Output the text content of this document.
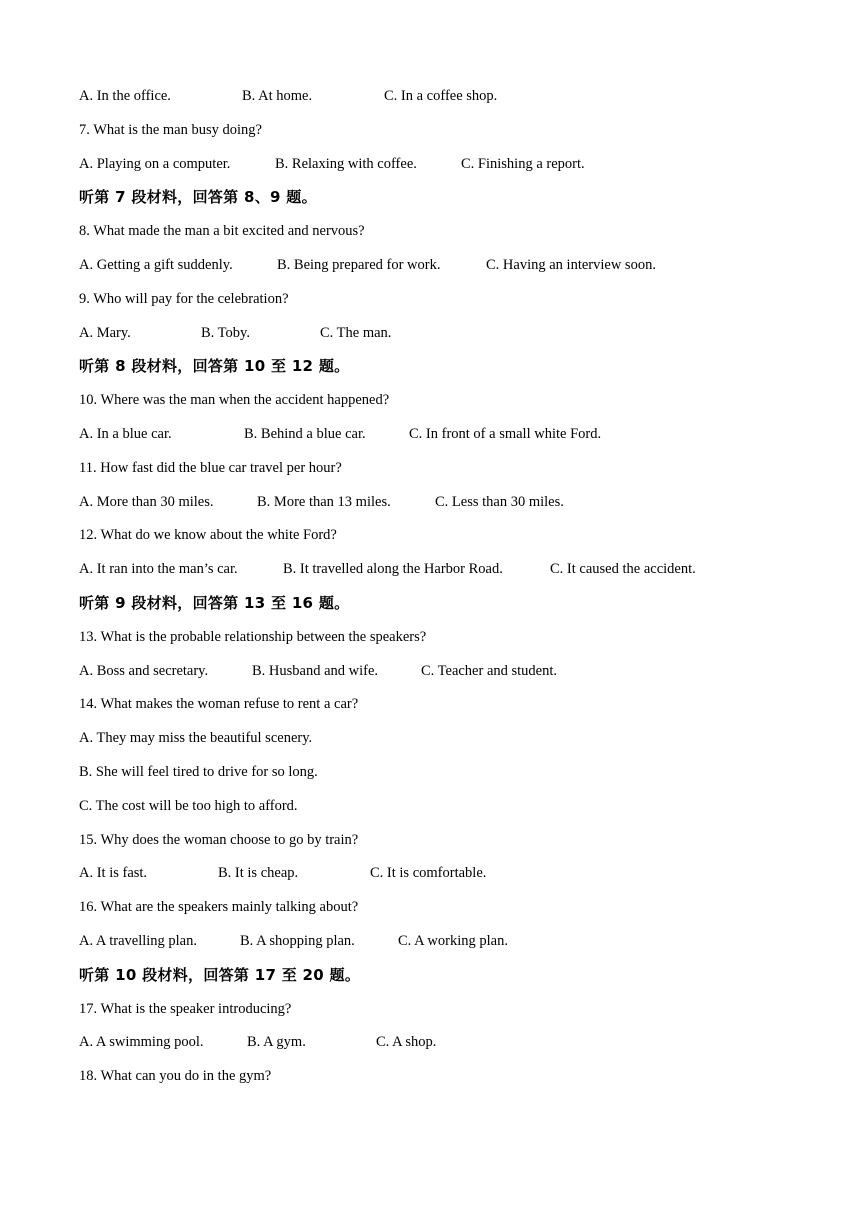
A. In the office.	B. At home.	C. In a coffee shop.
7. What is the man busy doing?
A. Playing on a computer.	B. Relaxing with coffee.	C. Finishing a report.
听第 7 段材料，回答第 8、9 题。
8. What made the man a bit excited and nervous?
A. Getting a gift suddenly.	B. Being prepared for work.	C. Having an interview soon.
9. Who will pay for the celebration?
A. Mary.	B. Toby.	C. The man.
听第 8 段材料，回答第 10 至 12 题。
10. Where was the man when the accident happened?
A. In a blue car.	B. Behind a blue car.	C. In front of a small white Ford.
11. How fast did the blue car travel per hour?
A. More than 30 miles.	B. More than 13 miles.	C. Less than 30 miles.
12. What do we know about the white Ford?
A. It ran into the man’s car.	B. It travelled along the Harbor Road.	C. It caused the accident.
听第 9 段材料，回答第 13 至 16 题。
13. What is the probable relationship between the speakers?
A. Boss and secretary.	B. Husband and wife.	C. Teacher and student.
14. What makes the woman refuse to rent a car?
A. They may miss the beautiful scenery.
B. She will feel tired to drive for so long.
C. The cost will be too high to afford.
15. Why does the woman choose to go by train?
A. It is fast.	B. It is cheap.	C. It is comfortable.
16. What are the speakers mainly talking about?
A. A travelling plan.	B. A shopping plan.	C. A working plan.
听第 10 段材料，回答第 17 至 20 题。
17. What is the speaker introducing?
A. A swimming pool.	B. A gym.	C. A shop.
18. What can you do in the gym?
